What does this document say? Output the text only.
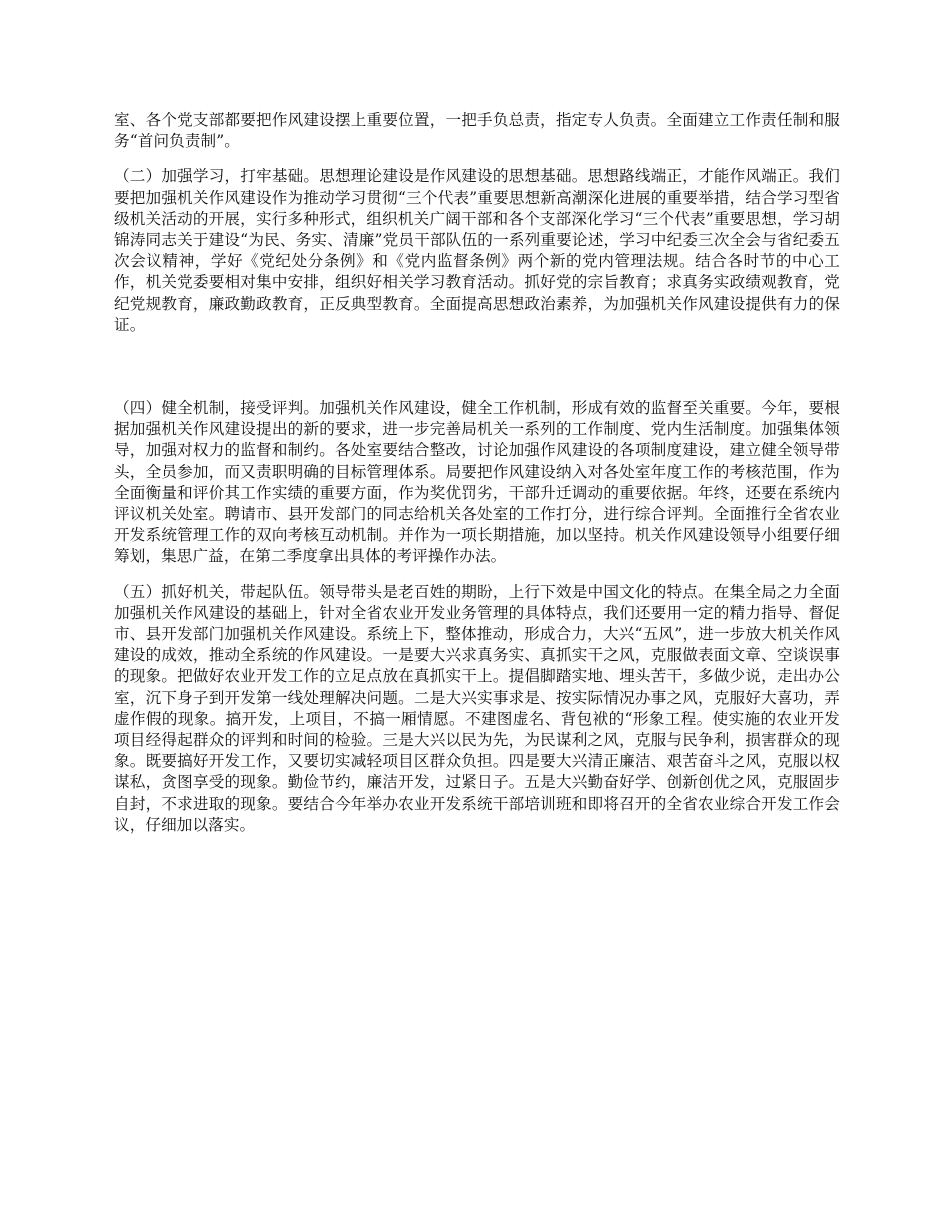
室、各个党支部都要把作风建设摆上重要位置，一把手负总责，指定专人负责。全面建立工作责任制和服务“首问负责制”。

（二）加强学习，打牢基础。思想理论建设是作风建设的思想基础。思想路线端正，才能作风端正。我们要把加强机关作风建设作为推动学习贯彻“三个代表”重要思想新高潮深化进展的重要举措，结合学习型省级机关活动的开展，实行多种形式，组织机关广阔干部和各个支部深化学习“三个代表”重要思想，学习胡锦涛同志关于建设“为民、务实、清廉”党员干部队伍的一系列重要论述，学习中纪委三次全会与省纪委五次会议精神，学好《党纪处分条例》和《党内监督条例》两个新的党内管理法规。结合各时节的中心工作，机关党委要相对集中安排，组织好相关学习教育活动。抓好党的宗旨教育；求真务实政绩观教育，党纪党规教育，廉政勤政教育，正反典型教育。全面提高思想政治素养，为加强机关作风建设提供有力的保证。

（四）健全机制，接受评判。加强机关作风建设，健全工作机制，形成有效的监督至关重要。今年，要根据加强机关作风建设提出的新的要求，进一步完善局机关一系列的工作制度、党内生活制度。加强集体领导，加强对权力的监督和制约。各处室要结合整改，讨论加强作风建设的各项制度建设，建立健全领导带头，全员参加，而又责职明确的目标管理体系。局要把作风建设纳入对各处室年度工作的考核范围，作为全面衡量和评价其工作实绩的重要方面，作为奖优罚劣，干部升迁调动的重要依据。年终，还要在系统内评议机关处室。聘请市、县开发部门的同志给机关各处室的工作打分，进行综合评判。全面推行全省农业开发系统管理工作的双向考核互动机制。并作为一项长期措施，加以坚持。机关作风建设领导小组要仔细筹划，集思广益，在第二季度拿出具体的考评操作办法。

（五）抓好机关，带起队伍。领导带头是老百姓的期盼，上行下效是中国文化的特点。在集全局之力全面加强机关作风建设的基础上，针对全省农业开发业务管理的具体特点，我们还要用一定的精力指导、督促市、县开发部门加强机关作风建设。系统上下，整体推动，形成合力，大兴“五风”，进一步放大机关作风建设的成效，推动全系统的作风建设。一是要大兴求真务实、真抓实干之风，克服做表面文章、空谈误事的现象。把做好农业开发工作的立足点放在真抓实干上。提倡脚踏实地、埋头苦干，多做少说，走出办公室，沉下身子到开发第一线处理解决问题。二是大兴实事求是、按实际情况办事之风，克服好大喜功，弄虚作假的现象。搞开发，上项目，不搞一厢情愿。不建图虚名、背包袱的“形象工程。使实施的农业开发项目经得起群众的评判和时间的检验。三是大兴以民为先，为民谋利之风，克服与民争利，损害群众的现象。既要搞好开发工作，又要切实减轻项目区群众负担。四是要大兴清正廉洁、艰苦奋斗之风，克服以权谋私，贪图享受的现象。勤俭节约，廉洁开发，过紧日子。五是大兴勤奋好学、创新创优之风，克服固步自封，不求进取的现象。要结合今年举办农业开发系统干部培训班和即将召开的全省农业综合开发工作会议，仔细加以落实。
